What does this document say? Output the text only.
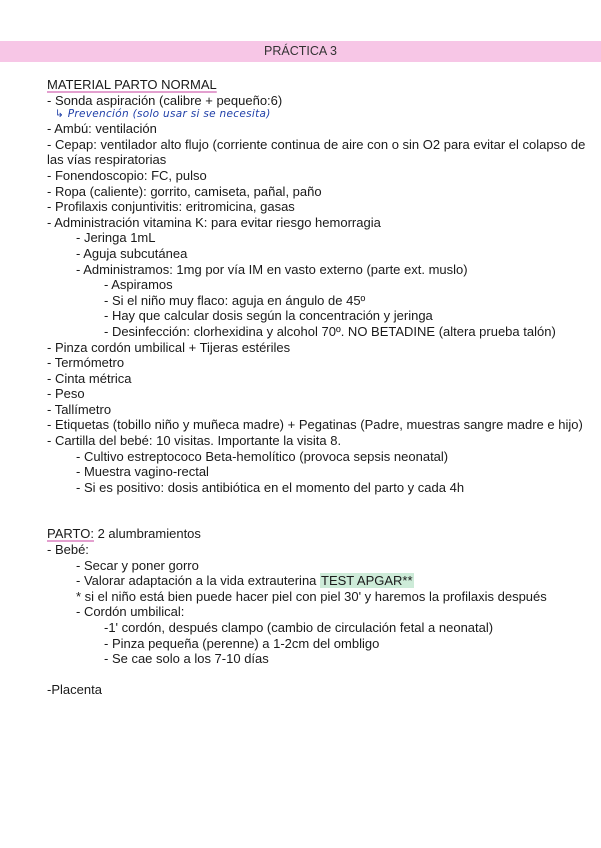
PRÁCTICA 3
MATERIAL PARTO NORMAL
- Sonda aspiración (calibre + pequeño:6)
↳ Prevención (solo usar si se necesita)
- Ambú: ventilación
- Cepap: ventilador alto flujo (corriente continua de aire con o sin O2 para evitar el colapso de las vías respiratorias
- Fonendoscopio: FC, pulso
- Ropa (caliente): gorrito, camiseta, pañal, paño
- Profilaxis conjuntivitis: eritromicina, gasas
- Administración vitamina K: para evitar riesgo hemorragia
- Jeringa 1mL
- Aguja subcutánea
- Administramos: 1mg por vía IM en vasto externo (parte ext. muslo)
- Aspiramos
- Si el niño muy flaco: aguja en ángulo de 45º
- Hay que calcular dosis según la concentración y jeringa
- Desinfección: clorhexidina y alcohol 70º. NO BETADINE (altera prueba talón)
- Pinza cordón umbilical + Tijeras estériles
- Termómetro
- Cinta métrica
- Peso
- Tallímetro
- Etiquetas (tobillo niño y muñeca madre) + Pegatinas (Padre, muestras sangre madre e hijo)
- Cartilla del bebé: 10 visitas. Importante la visita 8.
- Cultivo estreptococo Beta-hemolítico (provoca sepsis neonatal)
- Muestra vagino-rectal
- Si es positivo: dosis antibiótica en el momento del parto y cada 4h
PARTO: 2 alumbramientos
- Bebé:
- Secar y poner gorro
- Valorar adaptación a la vida extrauterina TEST APGAR**
* si el niño está bien puede hacer piel con piel 30' y haremos la profilaxis después
- Cordón umbilical:
-1' cordón, después clampo (cambio de circulación fetal a neonatal)
- Pinza pequeña (perenne) a 1-2cm del ombligo
- Se cae solo a los 7-10 días
-Placenta
